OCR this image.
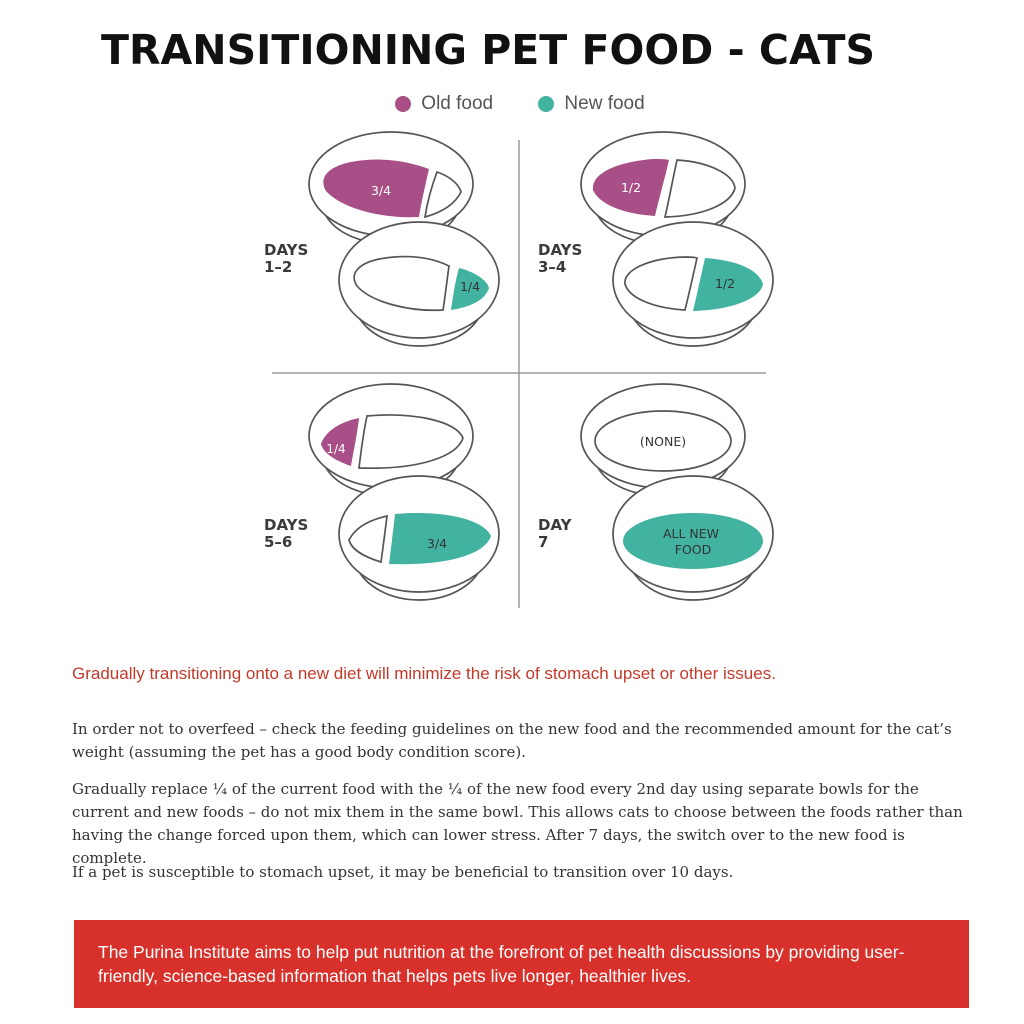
TRANSITIONING PET FOOD - CATS
Old food
	New food
3/4
1/4
DAYS 1–2
1/2
1/2
DAYS 3–4
1/4
3/4
DAYS 5–6
(NONE)
ALL NEW FOOD
DAY 7
Gradually transitioning onto a new diet will minimize the risk of stomach upset or other issues.
In order not to overfeed – check the feeding guidelines on the new food and the recommended amount for the cat’s weight (assuming the pet has a good body condition score).
Gradually replace ¼ of the current food with the ¼ of the new food every 2nd day using separate bowls for the current and new foods – do not mix them in the same bowl. This allows cats to choose between the foods rather than having the change forced upon them, which can lower stress. After 7 days, the switch over to the new food is complete.
If a pet is susceptible to stomach upset, it may be beneficial to transition over 10 days.
The Purina Institute aims to help put nutrition at the forefront of pet health discussions by providing user-friendly, science-based information that helps pets live longer, healthier lives.
